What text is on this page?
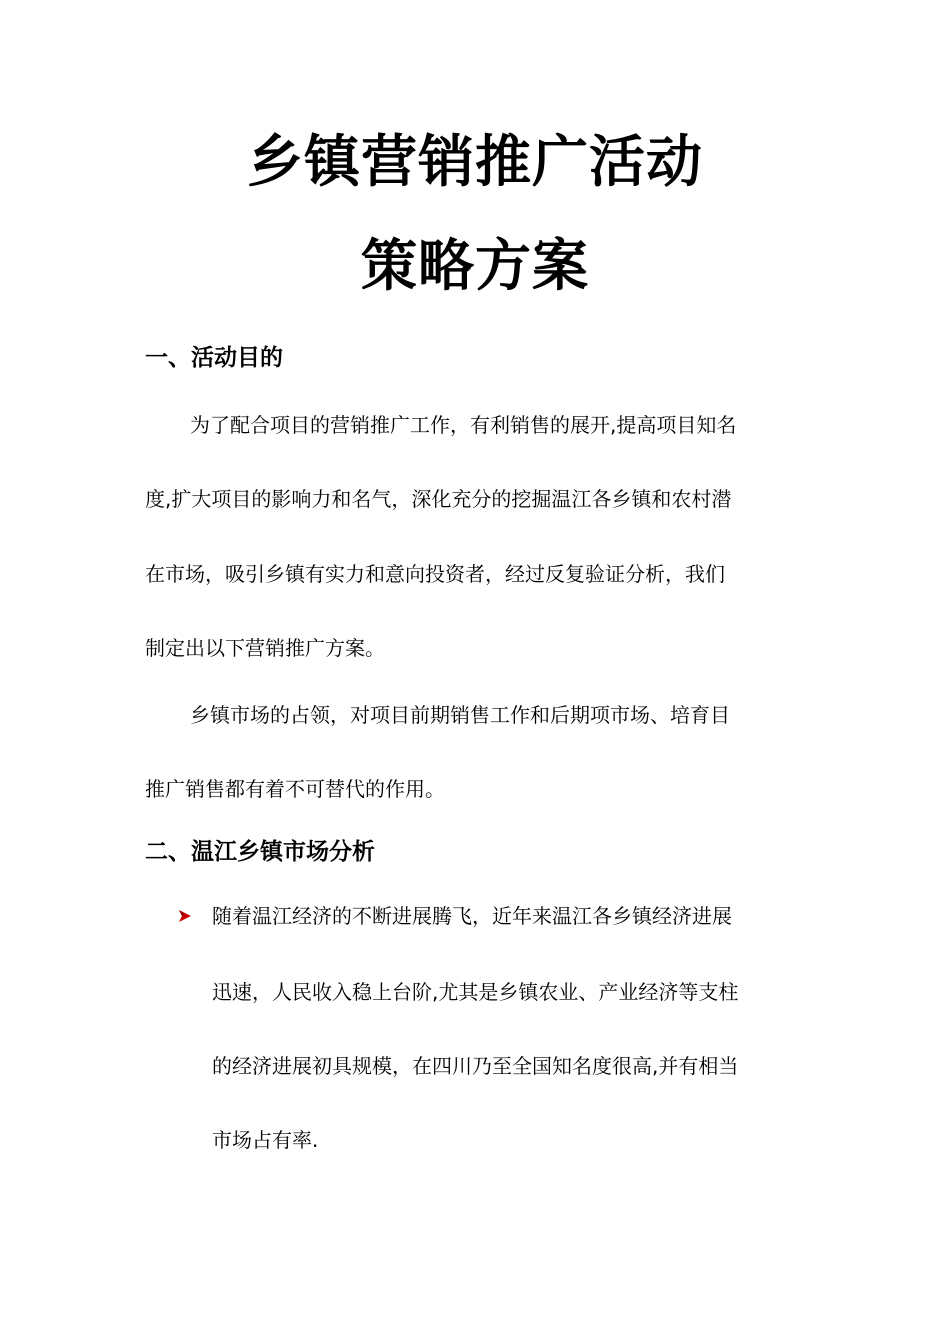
乡镇营销推广活动
策略方案
一、活动目的

为了配合项目的营销推广工作，有利销售的展开,提高项目知名

度,扩大项目的影响力和名气，深化充分的挖掘温江各乡镇和农村潜

在市场，吸引乡镇有实力和意向投资者，经过反复验证分析，我们

制定出以下营销推广方案。

乡镇市场的占领，对项目前期销售工作和后期项市场、培育目

推广销售都有着不可替代的作用。

二、温江乡镇市场分析

随着温江经济的不断进展腾飞，近年来温江各乡镇经济进展

迅速，人民收入稳上台阶,尤其是乡镇农业、产业经济等支柱

的经济进展初具规模，在四川乃至全国知名度很高,并有相当

市场占有率.
